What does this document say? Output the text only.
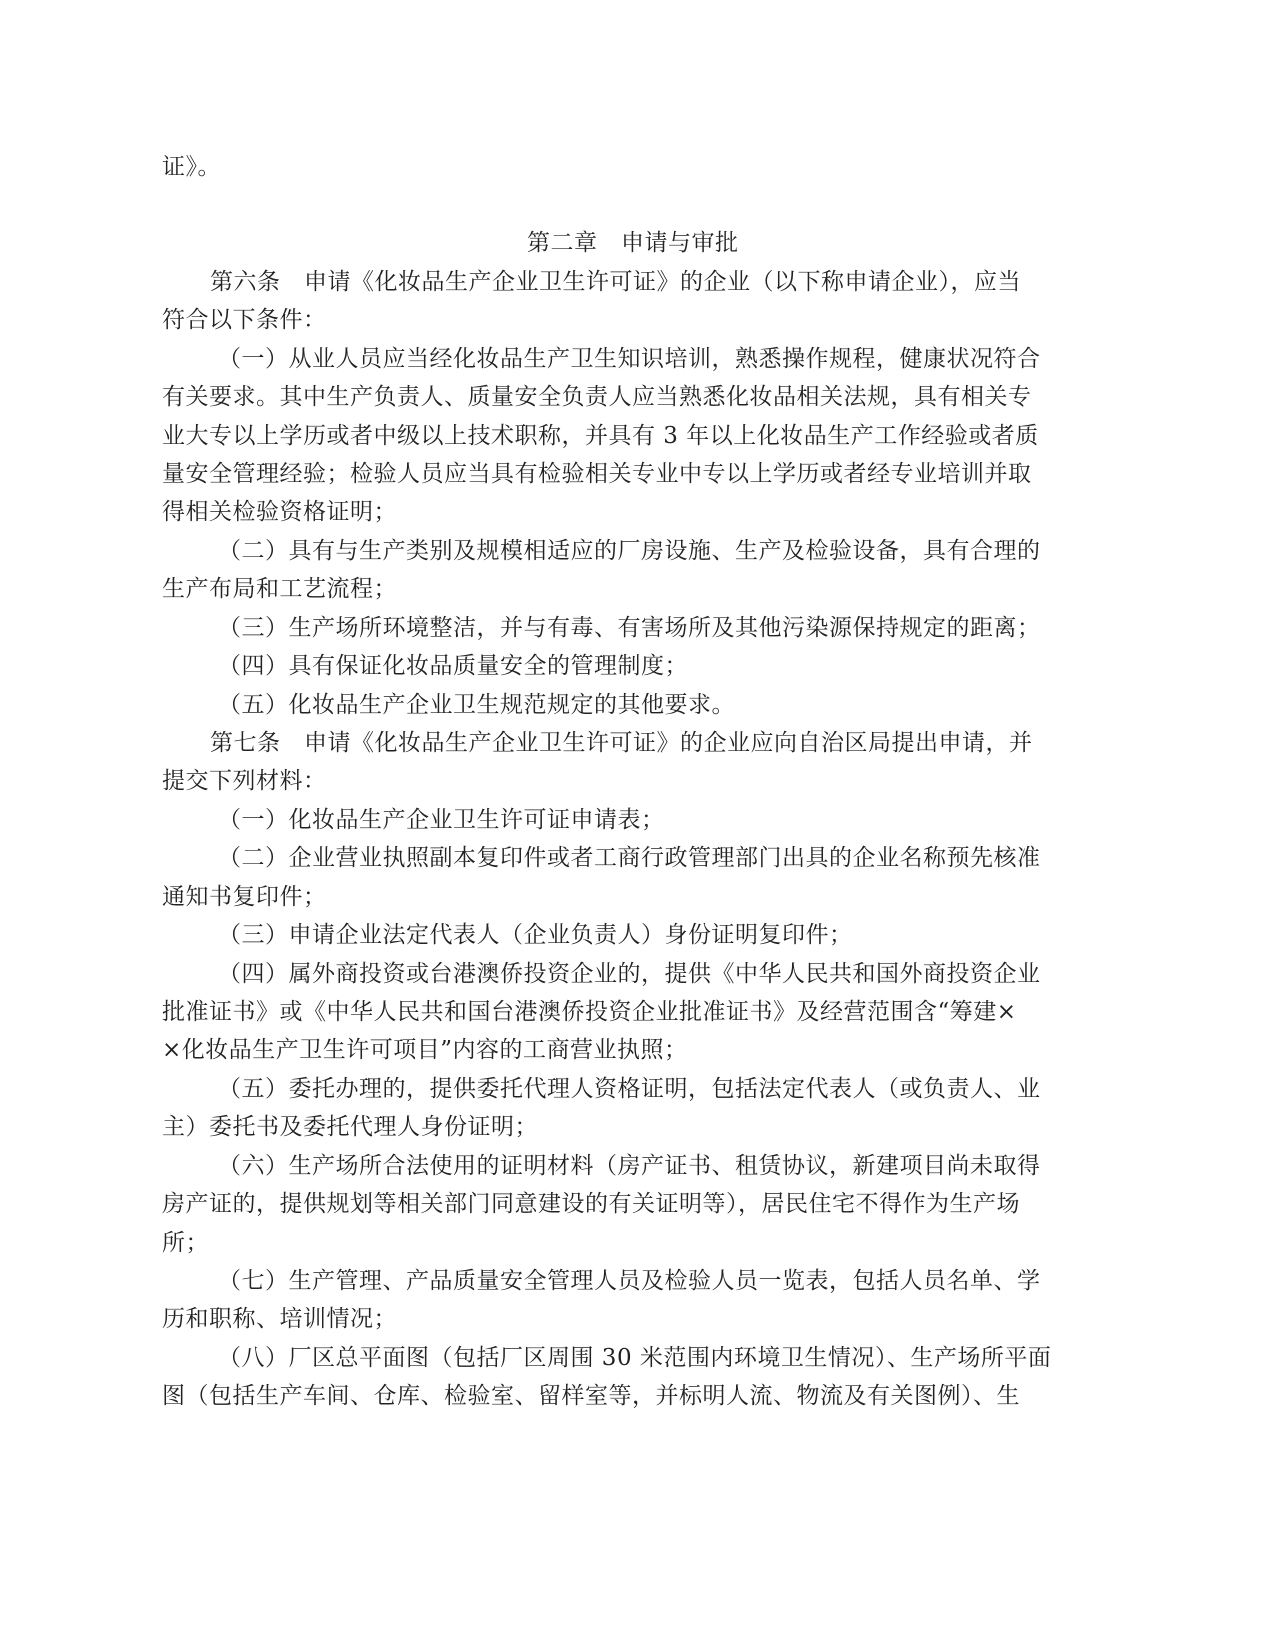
证》。
第二章　申请与审批
第六条　申请《化妆品生产企业卫生许可证》的企业（以下称申请企业），应当
符合以下条件：
（一）从业人员应当经化妆品生产卫生知识培训，熟悉操作规程，健康状况符合
有关要求。其中生产负责人、质量安全负责人应当熟悉化妆品相关法规，具有相关专
业大专以上学历或者中级以上技术职称，并具有 3 年以上化妆品生产工作经验或者质
量安全管理经验；检验人员应当具有检验相关专业中专以上学历或者经专业培训并取
得相关检验资格证明；
（二）具有与生产类别及规模相适应的厂房设施、生产及检验设备，具有合理的
生产布局和工艺流程；
（三）生产场所环境整洁，并与有毒、有害场所及其他污染源保持规定的距离；
（四）具有保证化妆品质量安全的管理制度；
（五）化妆品生产企业卫生规范规定的其他要求。
第七条　申请《化妆品生产企业卫生许可证》的企业应向自治区局提出申请，并
提交下列材料：
（一）化妆品生产企业卫生许可证申请表；
（二）企业营业执照副本复印件或者工商行政管理部门出具的企业名称预先核准
通知书复印件；
（三）申请企业法定代表人（企业负责人）身份证明复印件；
（四）属外商投资或台港澳侨投资企业的，提供《中华人民共和国外商投资企业
批准证书》或《中华人民共和国台港澳侨投资企业批准证书》及经营范围含“筹建×
×化妆品生产卫生许可项目”内容的工商营业执照；
（五）委托办理的，提供委托代理人资格证明，包括法定代表人（或负责人、业
主）委托书及委托代理人身份证明；
（六）生产场所合法使用的证明材料（房产证书、租赁协议，新建项目尚未取得
房产证的，提供规划等相关部门同意建设的有关证明等），居民住宅不得作为生产场
所；
（七）生产管理、产品质量安全管理人员及检验人员一览表，包括人员名单、学
历和职称、培训情况；
（八）厂区总平面图（包括厂区周围 30 米范围内环境卫生情况）、生产场所平面
图（包括生产车间、仓库、检验室、留样室等，并标明人流、物流及有关图例）、生
